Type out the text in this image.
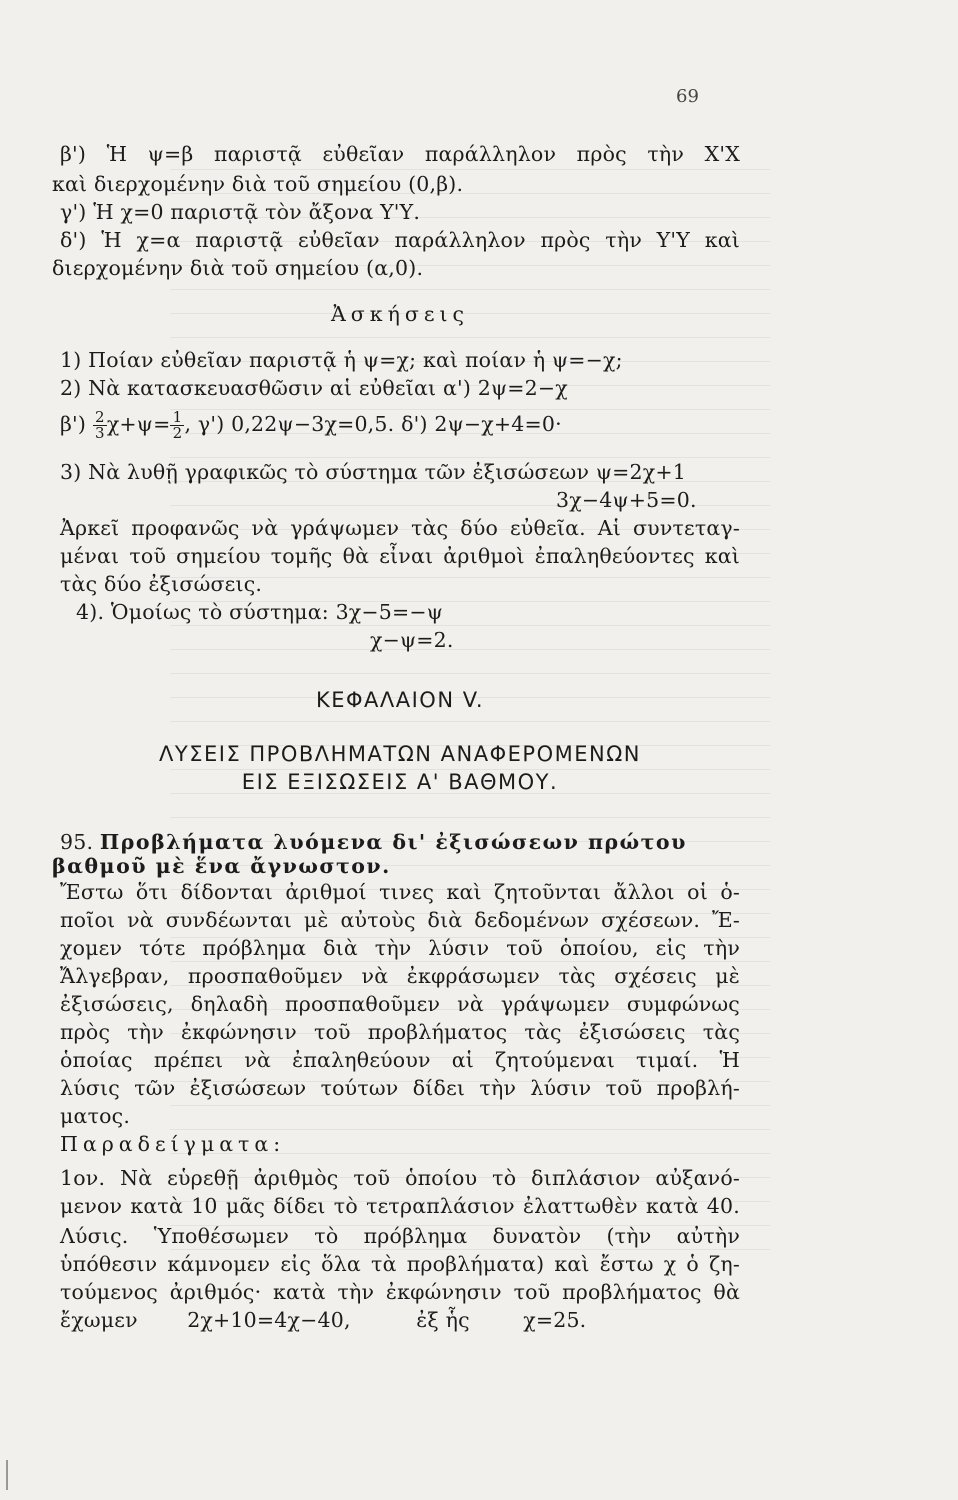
69
β') Ἡ ψ=β παριστᾷ εὐθεῖαν παράλληλον πρὸς τὴν Χ'Χ
καὶ διερχομένην διὰ τοῦ σημείου (0,β).
γ') Ἡ χ=0 παριστᾷ τὸν ἄξονα Υ'Υ.
δ') Ἡ χ=α παριστᾷ εὐθεῖαν παράλληλον πρὸς τὴν Υ'Υ καὶ
διερχομένην διὰ τοῦ σημείου (α,0).
Ἀσκήσεις
1) Ποίαν εὐθεῖαν παριστᾷ ἡ ψ=χ; καὶ ποίαν ἡ ψ=−χ;
2) Νὰ κατασκευασθῶσιν αἱ εὐθεῖαι α') 2ψ=2−χ
$\beta') \frac{2}{3} \chi+\psi= \frac{1}{2}$ , γ') 0,22ψ−3χ=0,5. δ') 2ψ−χ+4=0·
3) Νὰ λυθῇ γραφικῶς τὸ σύστημα τῶν ἐξισώσεων ψ=2χ+1
3χ−4ψ+5=0.
Ἀρκεῖ προφανῶς νὰ γράψωμεν τὰς δύο εὐθεῖα. Αἱ συντεταγ-
μέναι τοῦ σημείου τομῆς θὰ εἶναι ἀριθμοὶ ἐπαληθεύοντες καὶ
τὰς δύο ἐξισώσεις.
4). Ὁμοίως τὸ σύστημα: 3χ−5=−ψ
χ−ψ=2.
ΚΕΦΑΛΑΙΟΝ V.
ΛΥΣΕΙΣ ΠΡΟΒΛΗΜΑΤΩΝ ΑΝΑΦΕΡΟΜΕΝΩΝ
ΕΙΣ ΕΞΙΣΩΣΕΙΣ Α' ΒΑΘΜΟΥ.
95. Προβλήματα λυόμενα δι' ἐξισώσεων πρώτου
βαθμοῦ μὲ ἕνα ἄγνωστον.
Ἔστω ὅτι δίδονται ἀριθμοί τινες καὶ ζητοῦνται ἄλλοι οἱ ὁ-
ποῖοι νὰ συνδέωνται μὲ αὐτοὺς διὰ δεδομένων σχέσεων. Ἔ-
χομεν τότε πρόβλημα διὰ τὴν λύσιν τοῦ ὁποίου, εἰς τὴν
Ἄλγεβραν, προσπαθοῦμεν νὰ ἐκφράσωμεν τὰς σχέσεις μὲ
ἐξισώσεις, δηλαδὴ προσπαθοῦμεν νὰ γράψωμεν συμφώνως
πρὸς τὴν ἐκφώνησιν τοῦ προβλήματος τὰς ἐξισώσεις τὰς
ὁποίας πρέπει νὰ ἐπαληθεύουν αἱ ζητούμεναι τιμαί. Ἡ
λύσις τῶν ἐξισώσεων τούτων δίδει τὴν λύσιν τοῦ προβλή-
ματος.
Παραδείγματα:
1ον. Νὰ εὑρεθῇ ἀριθμὸς τοῦ ὁποίου τὸ διπλάσιον αὐξανό-
μενον κατὰ 10 μᾶς δίδει τὸ τετραπλάσιον ἐλαττωθὲν κατὰ 40.
Λύσις. Ὑποθέσωμεν τὸ πρόβλημα δυνατὸν (τὴν αὐτὴν
ὑπόθεσιν κάμνομεν εἰς ὅλα τὰ προβλήματα) καὶ ἔστω χ ὁ ζη-
τούμενος ἀριθμός· κατὰ τὴν ἐκφώνησιν τοῦ προβλήματος θὰ
ἔχωμεν 2χ+10=4χ−40,	ἐξ ἧς	χ=25.
